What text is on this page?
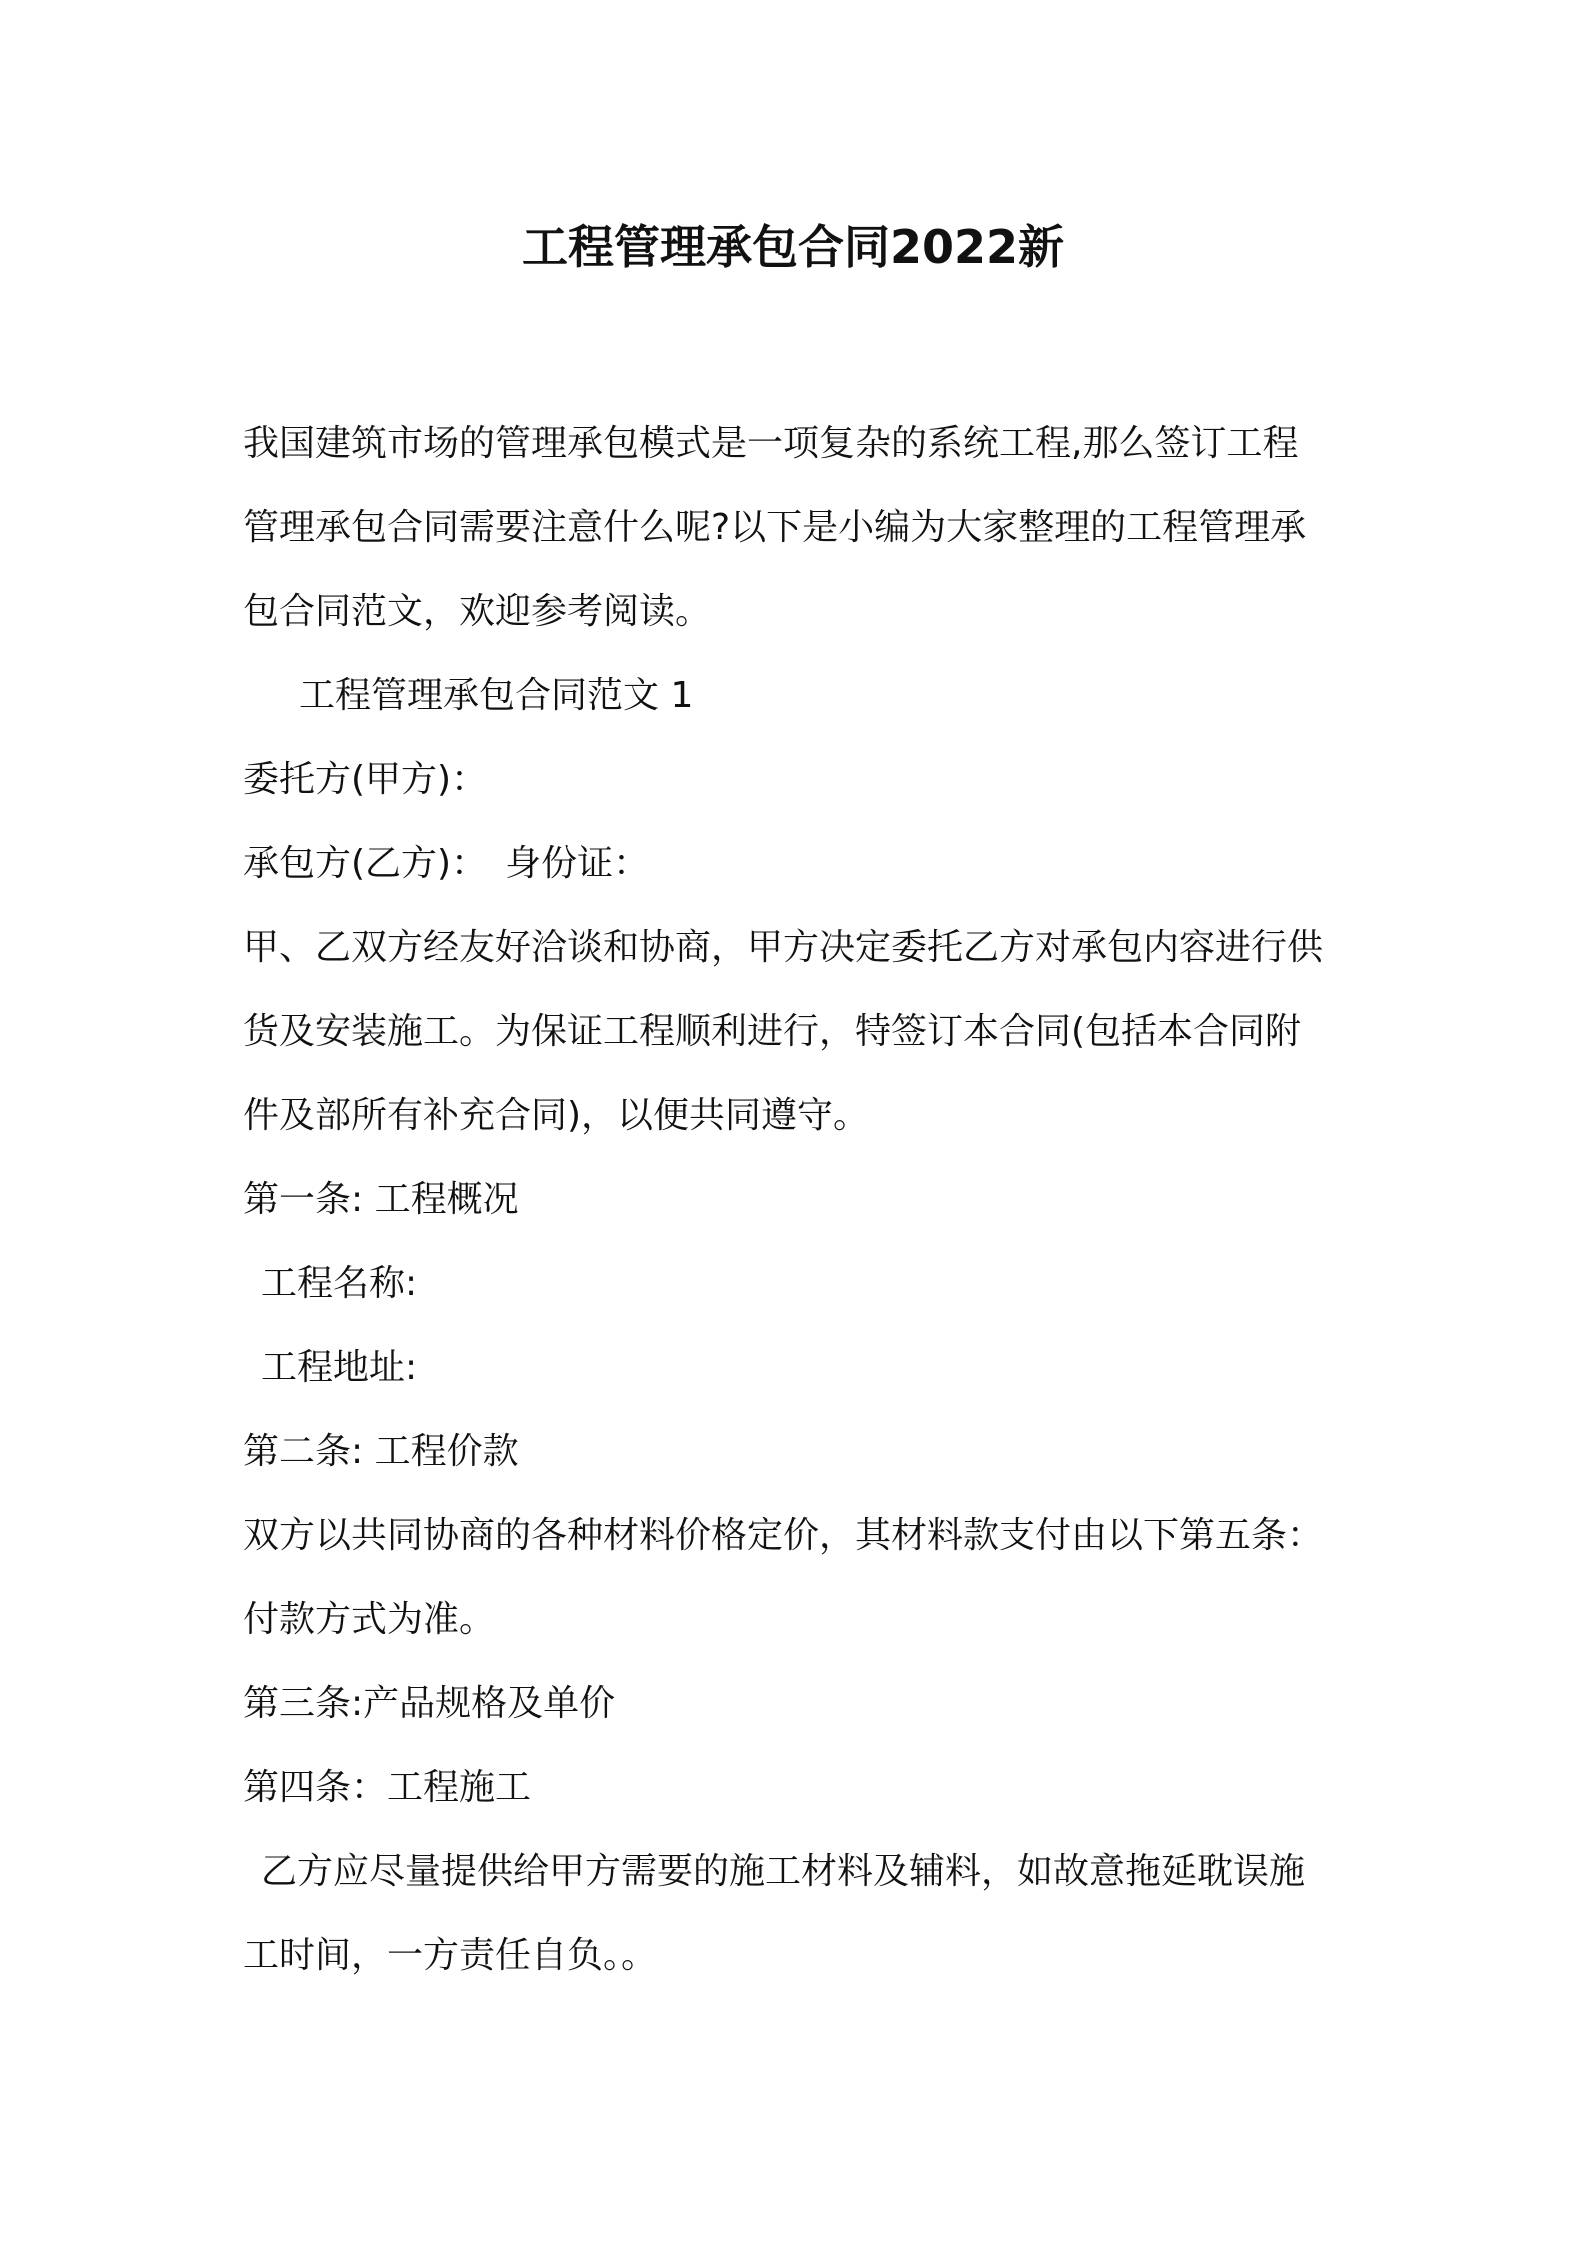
工程管理承包合同2022新
我国建筑市场的管理承包模式是一项复杂的系统工程,那么签订工程
管理承包合同需要注意什么呢?以下是小编为大家整理的工程管理承
包合同范文，欢迎参考阅读。
工程管理承包合同范文 1
委托方(甲方)：
承包方(乙方)：　身份证：
甲、乙双方经友好洽谈和协商，甲方决定委托乙方对承包内容进行供
货及安装施工。为保证工程顺利进行，特签订本合同(包括本合同附
件及部所有补充合同)，以便共同遵守。
第一条: 工程概况
工程名称:
工程地址:
第二条: 工程价款
双方以共同协商的各种材料价格定价，其材料款支付由以下第五条：
付款方式为准。
第三条:产品规格及单价
第四条：工程施工
乙方应尽量提供给甲方需要的施工材料及辅料，如故意拖延耽误施
工时间，一方责任自负。。
